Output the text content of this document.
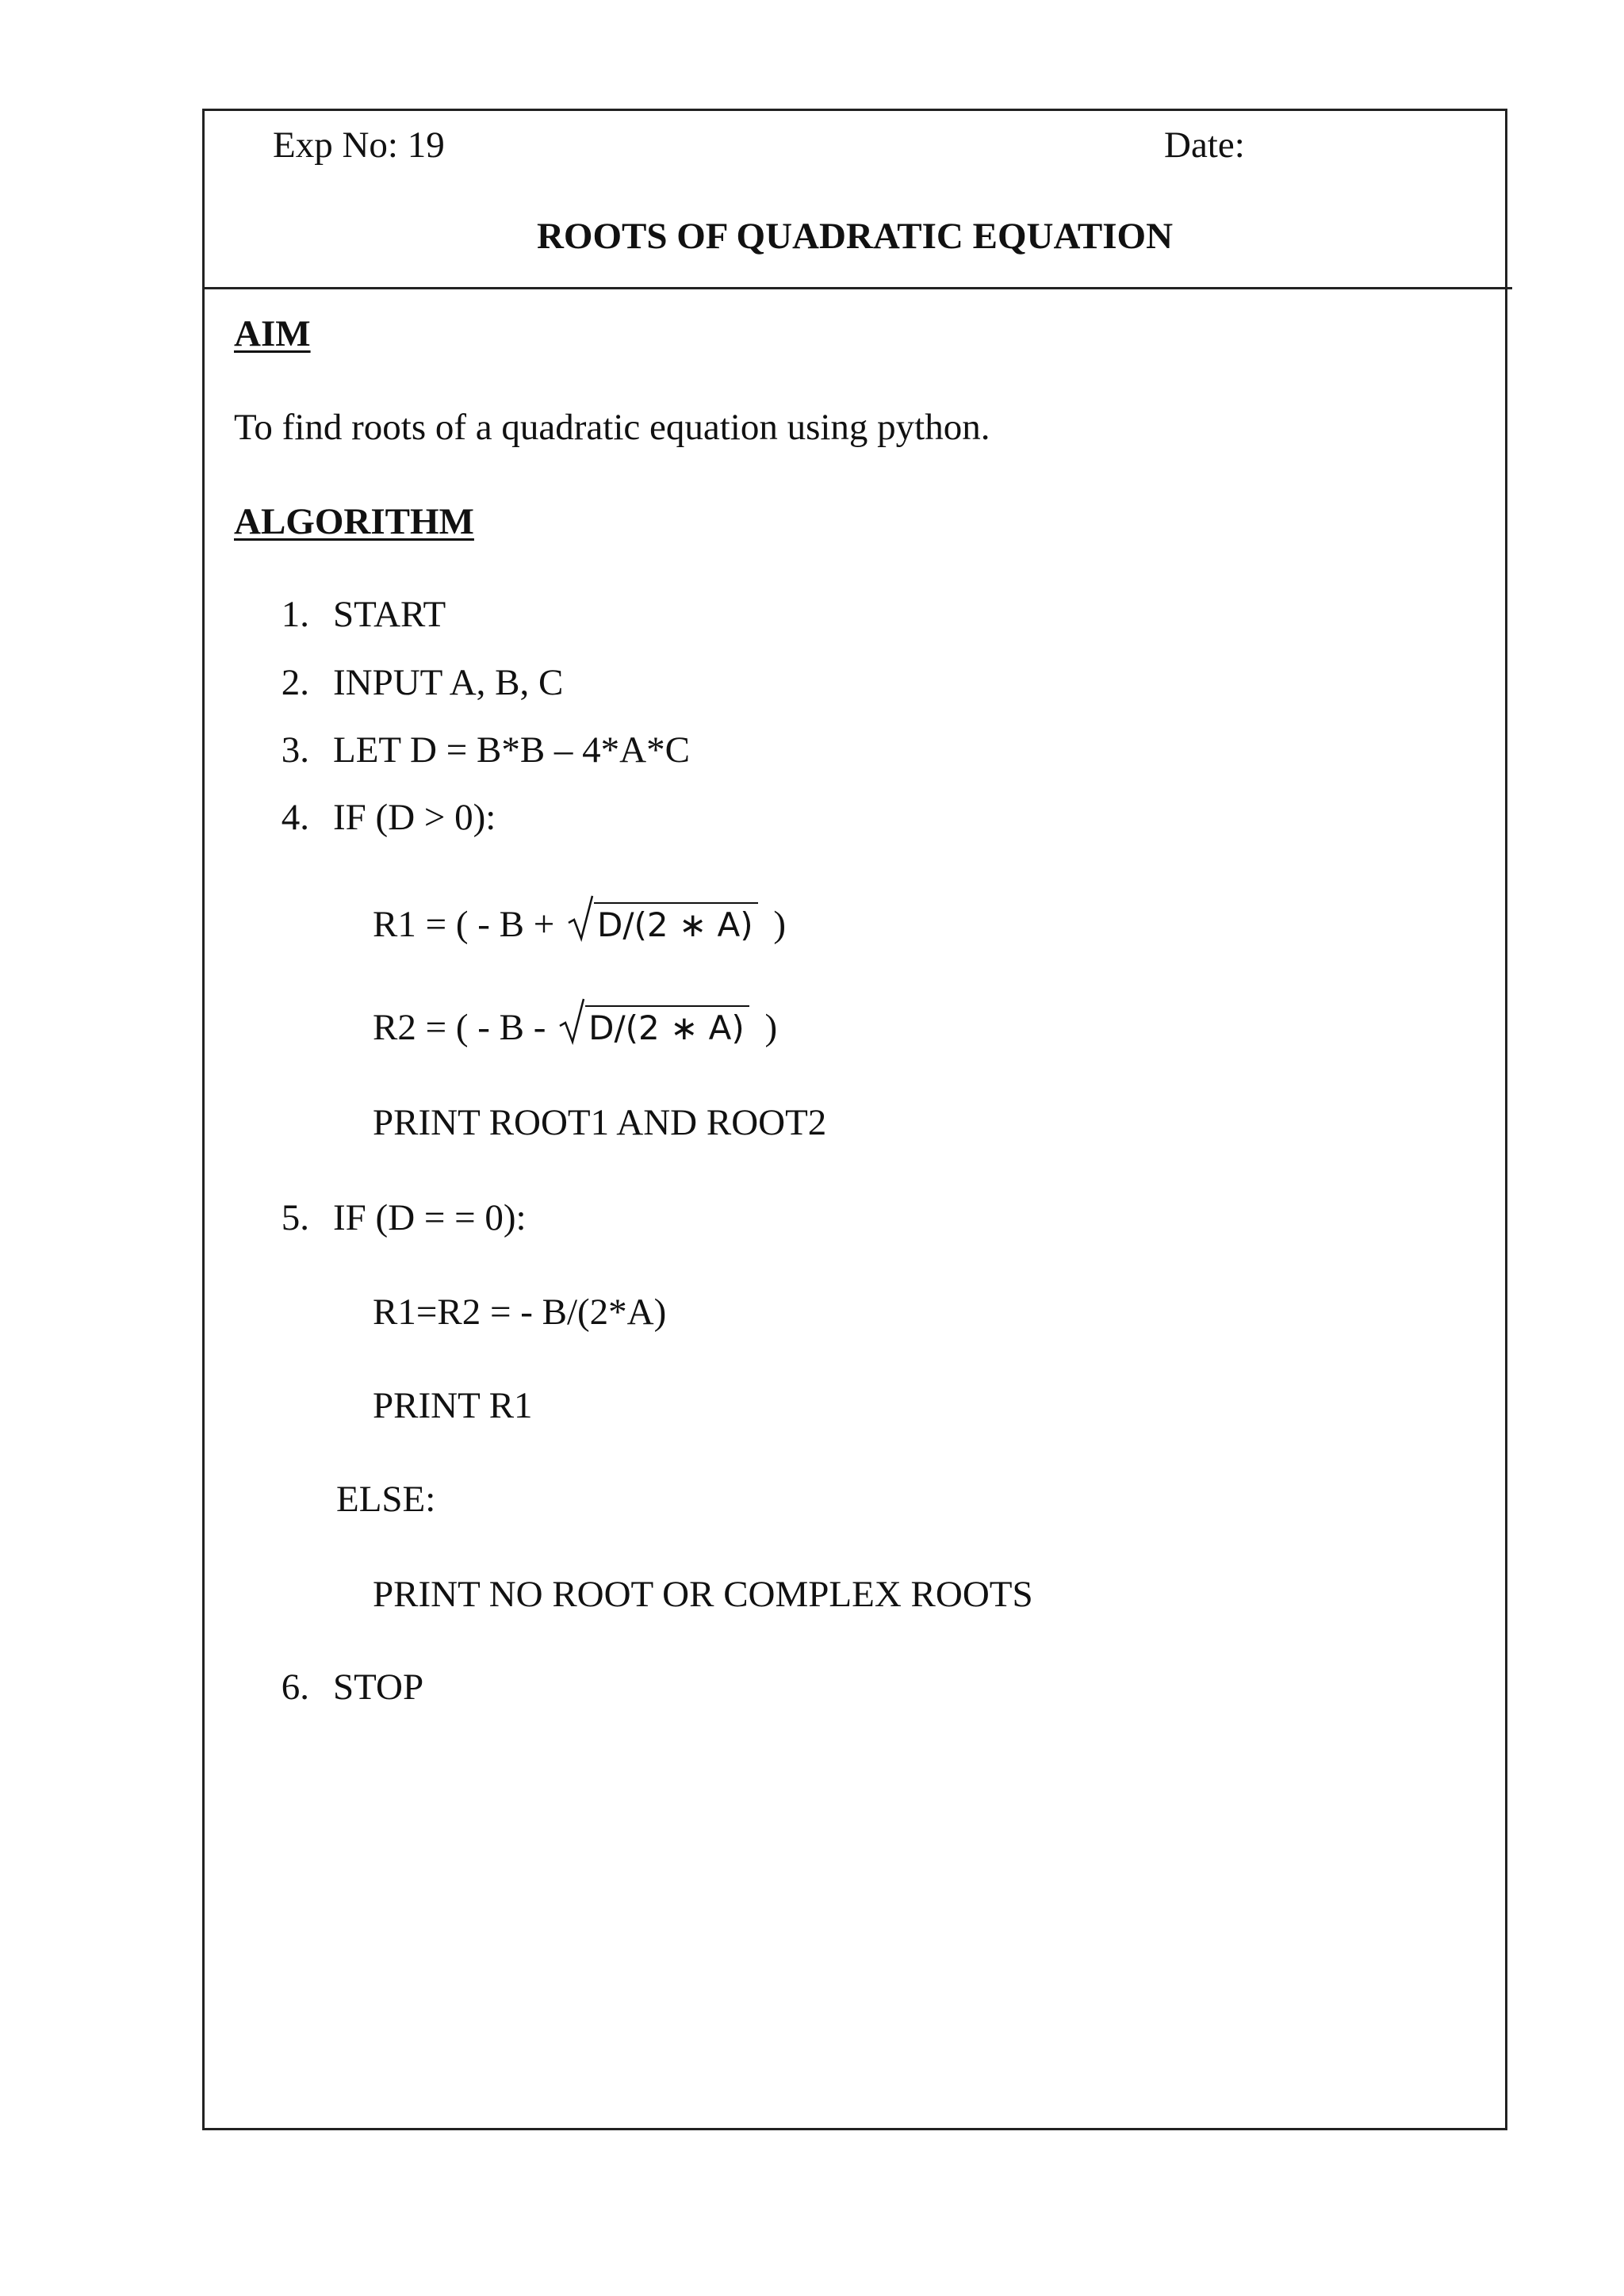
Exp No: 19	Date:
ROOTS OF QUADRATIC EQUATION
AIM
To find roots of a quadratic equation using python.
ALGORITHM
1. START
2. INPUT A, B, C
3. LET D = B*B – 4*A*C
4. IF (D > 0):
R1 = ( - B +
D/(2 ∗ A) )
R2 = ( - B -
D/(2 ∗ A) )
PRINT ROOT1 AND ROOT2
5. IF (D = = 0):
R1=R2 = - B/(2*A)
PRINT R1
ELSE:
PRINT NO ROOT OR COMPLEX ROOTS
6. STOP
